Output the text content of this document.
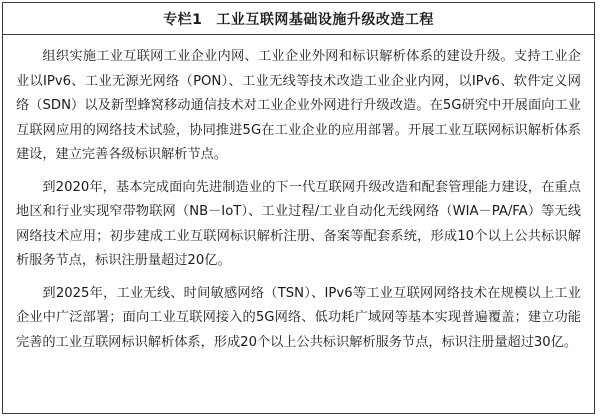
专栏1 工业互联网基础设施升级改造工程

组织实施工业互联网工业企业内网、工业企业外网和标识解析体系的建设升级。支持工业企业以IPv6、工业无源光网络（PON）、工业无线等技术改造工业企业内网，以IPv6、软件定义网络（SDN）以及新型蜂窝移动通信技术对工业企业外网进行升级改造。在5G研究中开展面向工业互联网应用的网络技术试验，协同推进5G在工业企业的应用部署。开展工业互联网标识解析体系建设，建立完善各级标识解析节点。

到2020年，基本完成面向先进制造业的下一代互联网升级改造和配套管理能力建设，在重点地区和行业实现窄带物联网（NB－IoT）、工业过程/工业自动化无线网络（WIA－PA/FA）等无线网络技术应用；初步建成工业互联网标识解析注册、备案等配套系统，形成10个以上公共标识解析服务节点，标识注册量超过20亿。

到2025年，工业无线、时间敏感网络（TSN）、IPv6等工业互联网网络技术在规模以上工业企业中广泛部署；面向工业互联网接入的5G网络、低功耗广域网等基本实现普遍覆盖；建立功能完善的工业互联网标识解析体系，形成20个以上公共标识解析服务节点，标识注册量超过30亿。
